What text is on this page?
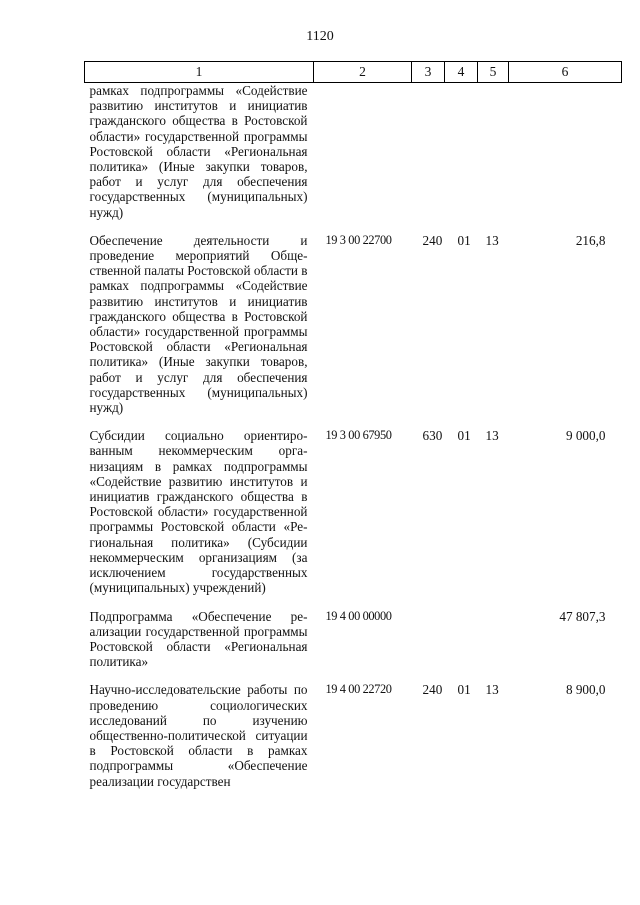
1120
1	2	3	4	5	6
рамках подпрограммы «Содействие развитию институтов и инициатив гражданского общества в Ростовской области» государственной программы Ростовской области «Региональная политика» (Иные закупки товаров, работ и услуг для обеспечения государственных (муниципальных) нужд)					

Обеспечение деятельности и проведение мероприятий Общественной палаты Ростовской области в рамках подпрограммы «Содействие развитию институтов и инициатив гражданского общества в Ростовской области» государственной программы Ростовской области «Региональная политика» (Иные закупки товаров, работ и услуг для обеспечения государственных (муниципальных) нужд)	19 3 00 22700	240	01	13	216,8

Субсидии социально ориентированным некоммерческим организациям в рамках подпрограммы «Содействие развитию институтов и инициатив гражданского общества в Ростовской области» государственной программы Ростовской области «Региональная политика» (Субсидии некоммерческим организациям (за исключением государственных (муниципальных) учреждений)	19 3 00 67950	630	01	13	9 000,0

Подпрограмма «Обеспечение реализации государственной программы Ростовской области «Региональная политика»	19 4 00 00000				47 807,3

Научно-исследовательские работы по проведению социологических исследований по изучению общественно-политической ситуации в Ростовской области в рамках подпрограммы «Обеспечение реализации государствен	19 4 00 22720	240	01	13	8 900,0
